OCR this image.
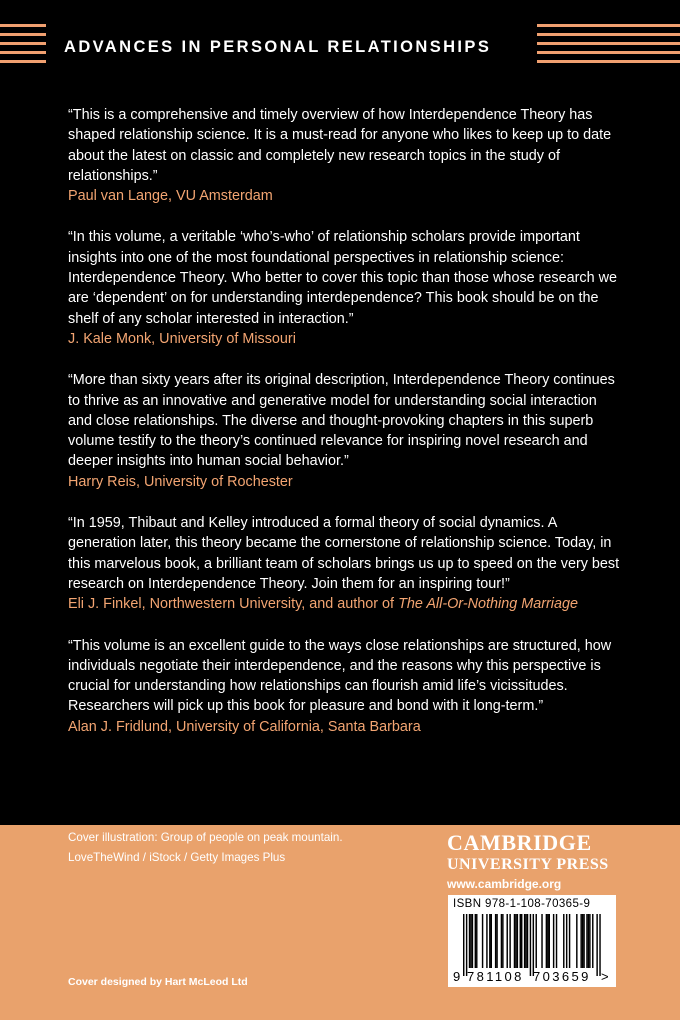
ADVANCES IN PERSONAL RELATIONSHIPS

“This is a comprehensive and timely overview of how Interdependence Theory has shaped relationship science. It is a must-read for anyone who likes to keep up to date about the latest on classic and completely new research topics in the study of relationships.”

Paul van Lange, VU Amsterdam

“In this volume, a veritable ‘who’s-who’ of relationship scholars provide important insights into one of the most foundational perspectives in relationship science: Interdependence Theory. Who better to cover this topic than those whose research we are ‘dependent’ on for understanding interdependence? This book should be on the shelf of any scholar interested in interaction.”

J. Kale Monk, University of Missouri

“More than sixty years after its original description, Interdependence Theory continues to thrive as an innovative and generative model for understanding social interaction and close relationships. The diverse and thought-provoking chapters in this superb volume testify to the theory’s continued relevance for inspiring novel research and deeper insights into human social behavior.”

Harry Reis, University of Rochester

“In 1959, Thibaut and Kelley introduced a formal theory of social dynamics. A generation later, this theory became the cornerstone of relationship science. Today, in this marvelous book, a brilliant team of scholars brings us up to speed on the very best research on Interdependence Theory. Join them for an inspiring tour!”

Eli J. Finkel, Northwestern University, and author of The All-Or-Nothing Marriage

“This volume is an excellent guide to the ways close relationships are structured, how individuals negotiate their interdependence, and the reasons why this perspective is crucial for understanding how relationships can flourish amid life’s vicissitudes. Researchers will pick up this book for pleasure and bond with it long-term.”

Alan J. Fridlund, University of California, Santa Barbara

Cover illustration: Group of people on peak mountain.
LoveTheWind / iStock / Getty Images Plus
Cover designed by Hart McLeod Ltd
CAMBRIDGE
UNIVERSITY PRESS
www.cambridge.org
ISBN 978-1-108-70365-9
9 781108 703659 >
